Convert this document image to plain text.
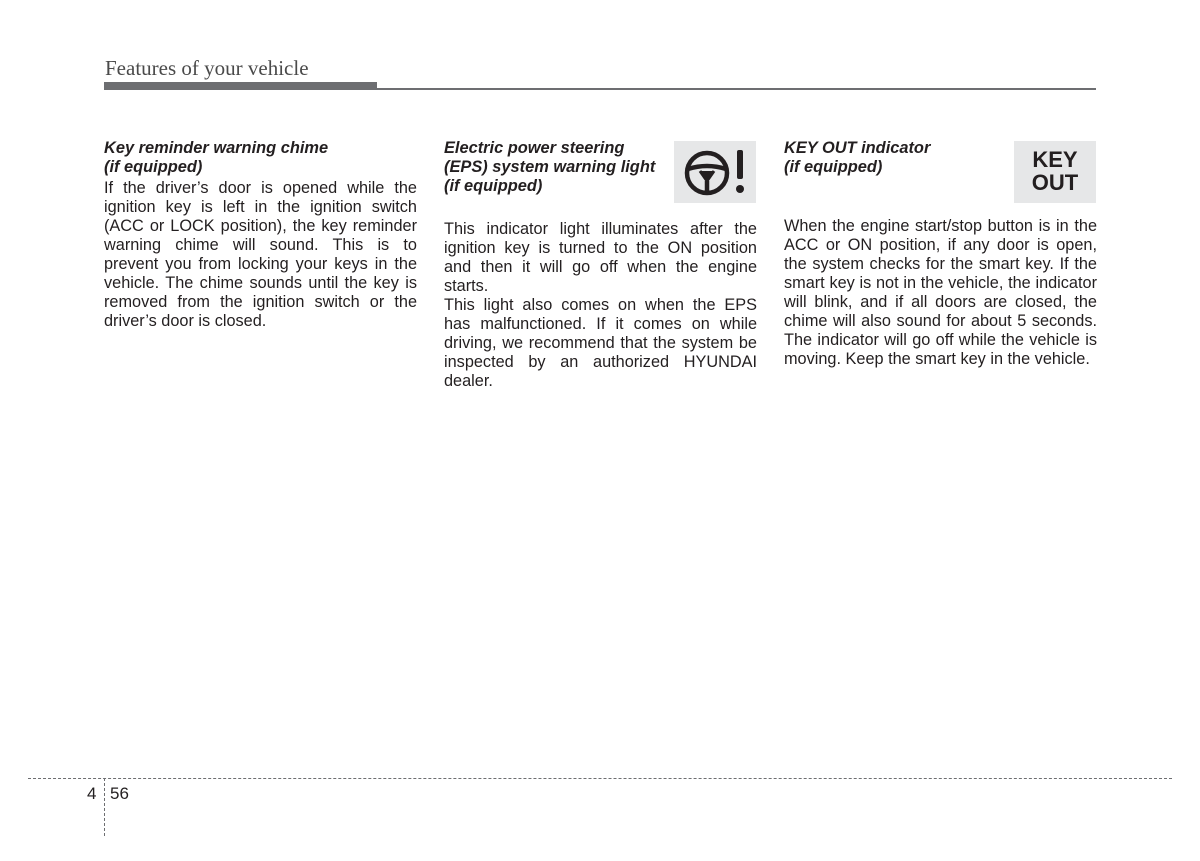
Features of your vehicle
Key reminder warning chime
(if equipped)

If the driver’s door is opened while the ignition key is left in the ignition switch (ACC or LOCK position), the key reminder warning chime will sound. This is to prevent you from locking your keys in the vehicle. The chime sounds until the key is removed from the ignition switch or the driver’s door is closed.

Electric power steering
(EPS) system warning light
(if equipped)

This indicator light illuminates after the ignition key is turned to the ON position and then it will go off when the engine starts.

This light also comes on when the EPS has malfunctioned. If it comes on while driving, we recommend that the system be inspected by an authorized HYUNDAI dealer.

KEY OUT indicator
(if equipped)

When the engine start/stop button is in the ACC or ON position, if any door is open, the system checks for the smart key. If the smart key is not in the vehicle, the indicator will blink, and if all doors are closed, the chime will also sound for about 5 seconds. The indicator will go off while the vehicle is moving. Keep the smart key in the vehicle.

KEY
OUT
4 56
